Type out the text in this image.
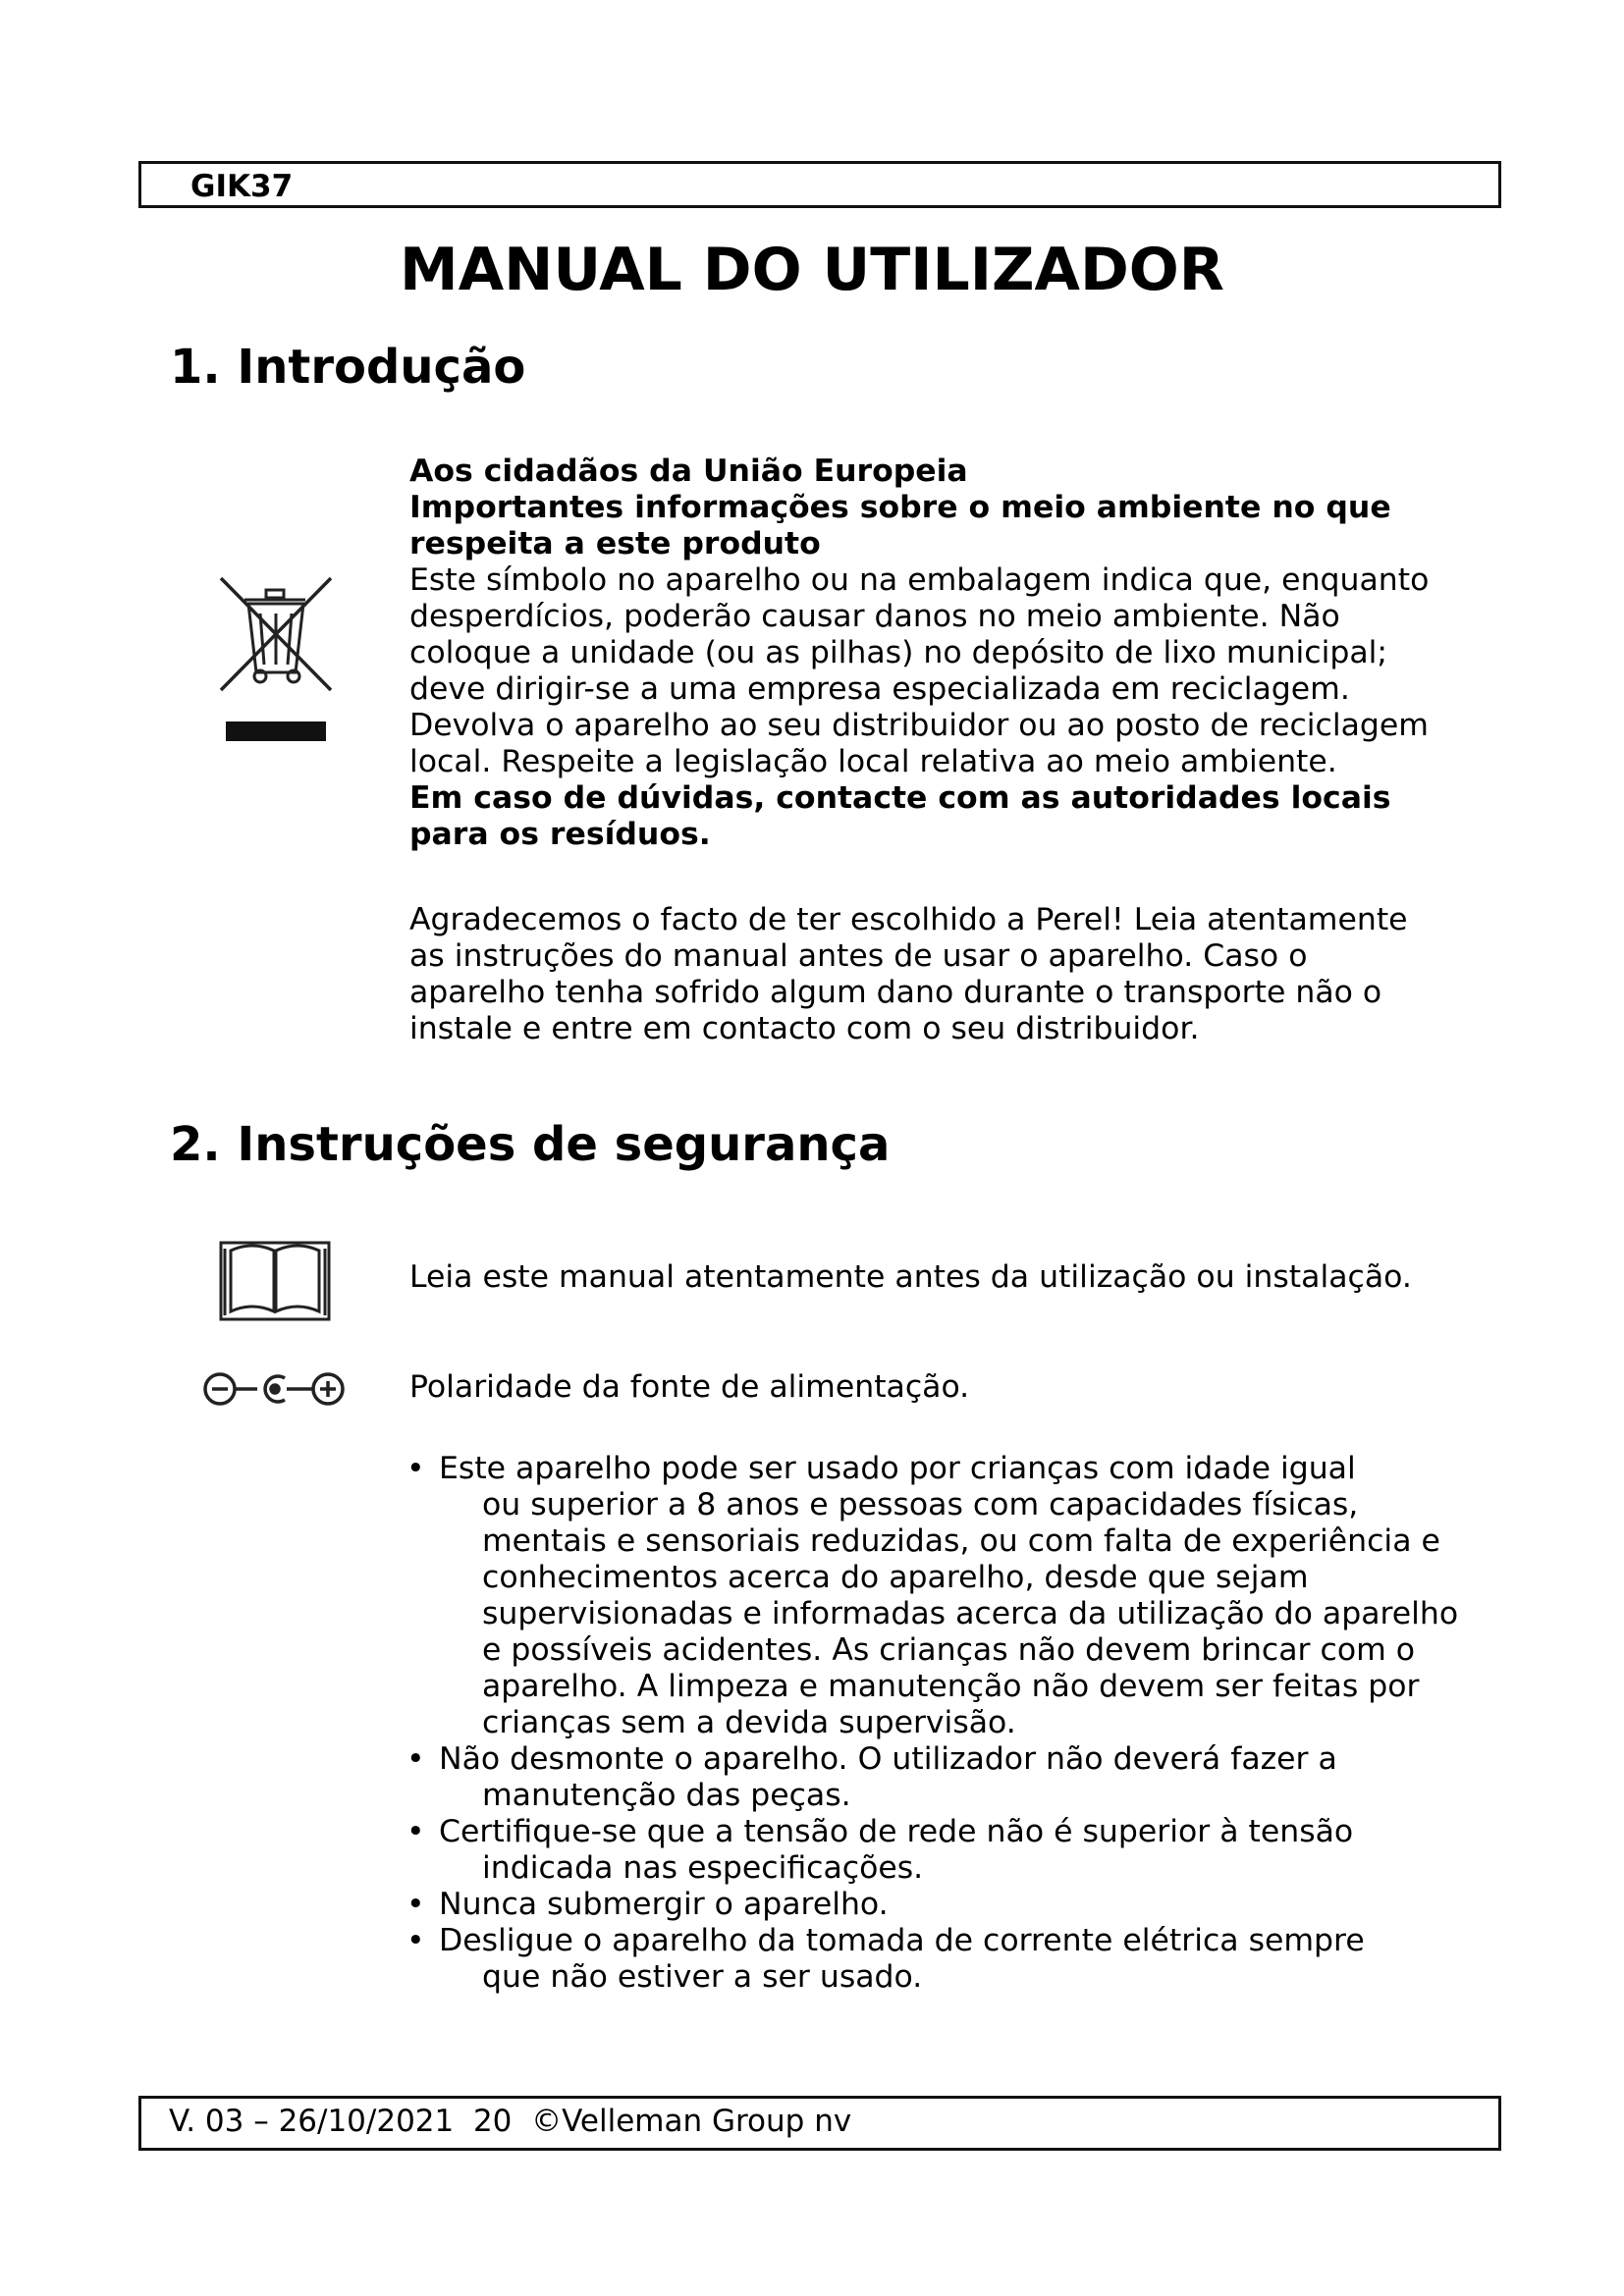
GIK37
MANUAL DO UTILIZADOR
1. Introdução

Aos cidadãos da União Europeia

Importantes informações sobre o meio ambiente no que respeita a este produto

Este símbolo no aparelho ou na embalagem indica que, enquanto desperdícios, poderão causar danos no meio ambiente. Não coloque a unidade (ou as pilhas) no depósito de lixo municipal; deve dirigir-se a uma empresa especializada em reciclagem. Devolva o aparelho ao seu distribuidor ou ao posto de reciclagem local. Respeite a legislação local relativa ao meio ambiente.

Em caso de dúvidas, contacte com as autoridades locais para os resíduos.

Agradecemos o facto de ter escolhido a Perel! Leia atentamente as instruções do manual antes de usar o aparelho. Caso o aparelho tenha sofrido algum dano durante o transporte não o instale e entre em contacto com o seu distribuidor.
2. Instruções de segurança
Leia este manual atentamente antes da utilização ou instalação.
Polaridade da fonte de alimentação.
• Este aparelho pode ser usado por crianças com idade igual
ou superior a 8 anos e pessoas com capacidades físicas, mentais e sensoriais reduzidas, ou com falta de experiência e conhecimentos acerca do aparelho, desde que sejam supervisionadas e informadas acerca da utilização do aparelho e possíveis acidentes. As crianças não devem brincar com o aparelho. A limpeza e manutenção não devem ser feitas por crianças sem a devida supervisão.
• Não desmonte o aparelho. O utilizador não deverá fazer a
manutenção das peças.
• Certifique-se que a tensão de rede não é superior à tensão
indicada nas especificações.
• Nunca submergir o aparelho.
• Desligue o aparelho da tomada de corrente elétrica sempre
que não estiver a ser usado.
V. 03 – 26/10/2021  20  ©Velleman Group nv
